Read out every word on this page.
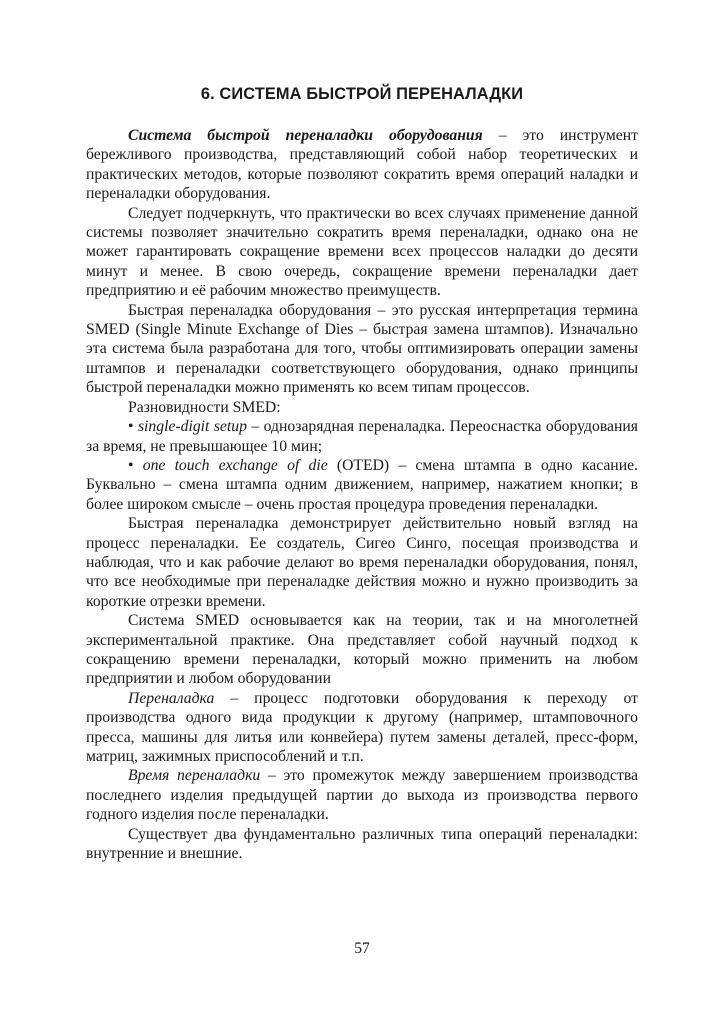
6. СИСТЕМА БЫСТРОЙ ПЕРЕНАЛАДКИ

Система быстрой переналадки оборудования – это инструмент бережливого производства, представляющий собой набор теоретических и практических методов, которые позволяют сократить время операций наладки и переналадки оборудования.

Следует подчеркнуть, что практически во всех случаях применение данной системы позволяет значительно сократить время переналадки, однако она не может гарантировать сокращение времени всех процессов наладки до десяти минут и менее. В свою очередь, сокращение времени переналадки дает предприятию и её рабочим множество преимуществ.

Быстрая переналадка оборудования – это русская интерпретация термина SMED (Single Minute Exchange of Dies – быстрая замена штампов). Изначально эта система была разработана для того, чтобы оптимизировать операции замены штампов и переналадки соответствующего оборудования, однако принципы быстрой переналадки можно применять ко всем типам процессов.

Разновидности SMED:

• single-digit setup – однозарядная переналадка. Переоснастка оборудования за время, не превышающее 10 мин;

• one touch exchange of die (OTED) – смена штампа в одно касание. Буквально – смена штампа одним движением, например, нажатием кнопки; в более широком смысле – очень простая процедура проведения переналадки.

Быстрая переналадка демонстрирует действительно новый взгляд на процесс переналадки. Ее создатель, Сигео Синго, посещая производства и наблюдая, что и как рабочие делают во время переналадки оборудования, понял, что все необходимые при переналадке действия можно и нужно производить за короткие отрезки времени.

Система SMED основывается как на теории, так и на многолетней экспериментальной практике. Она представляет собой научный подход к сокращению времени переналадки, который можно применить на любом предприятии и любом оборудовании

Переналадка – процесс подготовки оборудования к переходу от производства одного вида продукции к другому (например, штамповочного пресса, машины для литья или конвейера) путем замены деталей, пресс-форм, матриц, зажимных приспособлений и т.п.

Время переналадки – это промежуток между завершением производства последнего изделия предыдущей партии до выхода из производства первого годного изделия после переналадки.

Существует два фундаментально различных типа операций переналадки: внутренние и внешние.

57
